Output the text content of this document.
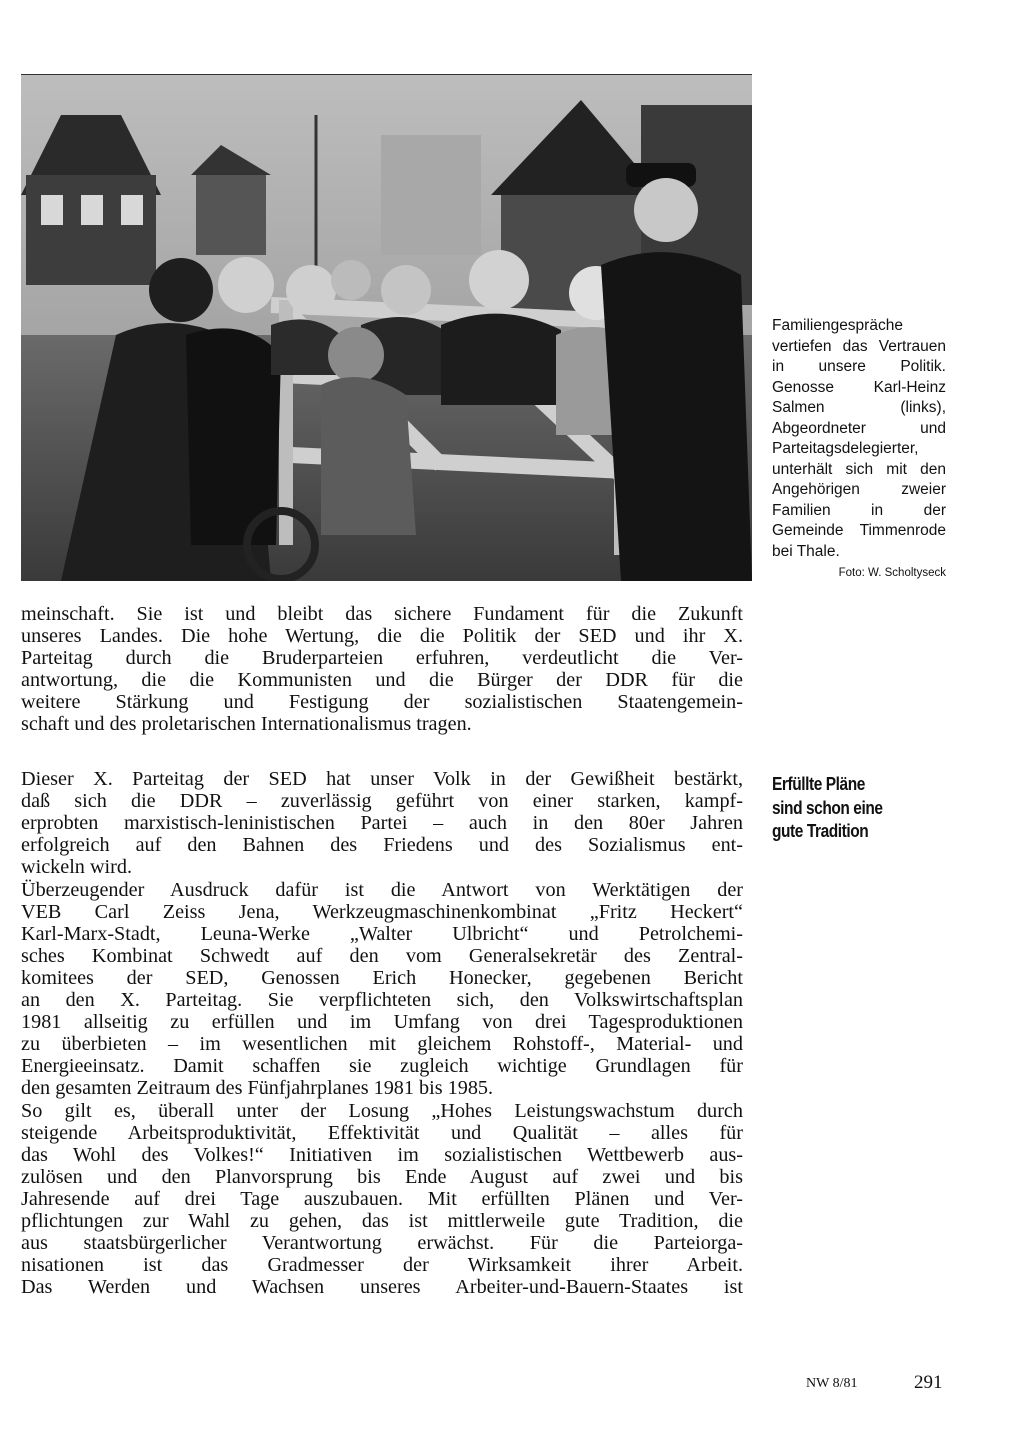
Familiengespräche vertiefen das Vertrauen in unsere Politik. Genosse Karl-Heinz Salmen (links), Abgeordneter und Parteitagsdelegierter, unterhält sich mit den Angehörigen zweier Familien in der Gemeinde Timmenrode bei Thale.
Foto: W. Scholtyseck

meinschaft. Sie ist und bleibt das sichere Fundament für die Zukunft

unseres Landes. Die hohe Wertung, die die Politik der SED und ihr X.

Parteitag durch die Bruderparteien erfuhren, verdeutlicht die Ver-

antwortung, die die Kommunisten und die Bürger der DDR für die

weitere Stärkung und Festigung der sozialistischen Staatengemein-

schaft und des proletarischen Internationalismus tragen.

Erfüllte Pläne
sind schon eine
gute Tradition

Dieser X. Parteitag der SED hat unser Volk in der Gewißheit bestärkt,

daß sich die DDR – zuverlässig geführt von einer starken, kampf-

erprobten marxistisch-leninistischen Partei – auch in den 80er Jahren

erfolgreich auf den Bahnen des Friedens und des Sozialismus ent-

wickeln wird.

Überzeugender Ausdruck dafür ist die Antwort von Werktätigen der

VEB Carl Zeiss Jena, Werkzeugmaschinenkombinat „Fritz Heckert“

Karl-Marx-Stadt, Leuna-Werke „Walter Ulbricht“ und Petrolchemi-

sches Kombinat Schwedt auf den vom Generalsekretär des Zentral-

komitees der SED, Genossen Erich Honecker, gegebenen Bericht

an den X. Parteitag. Sie verpflichteten sich, den Volkswirtschaftsplan

1981 allseitig zu erfüllen und im Umfang von drei Tagesproduktionen

zu überbieten – im wesentlichen mit gleichem Rohstoff-, Material- und

Energieeinsatz. Damit schaffen sie zugleich wichtige Grundlagen für

den gesamten Zeitraum des Fünfjahrplanes 1981 bis 1985.

So gilt es, überall unter der Losung „Hohes Leistungswachstum durch

steigende Arbeitsproduktivität, Effektivität und Qualität – alles für

das Wohl des Volkes!“ Initiativen im sozialistischen Wettbewerb aus-

zulösen und den Planvorsprung bis Ende August auf zwei und bis

Jahresende auf drei Tage auszubauen. Mit erfüllten Plänen und Ver-

pflichtungen zur Wahl zu gehen, das ist mittlerweile gute Tradition, die

aus staatsbürgerlicher Verantwortung erwächst. Für die Parteiorga-

nisationen ist das Gradmesser der Wirksamkeit ihrer Arbeit.

Das Werden und Wachsen unseres Arbeiter-und-Bauern-Staates ist

NW 8/81	291
